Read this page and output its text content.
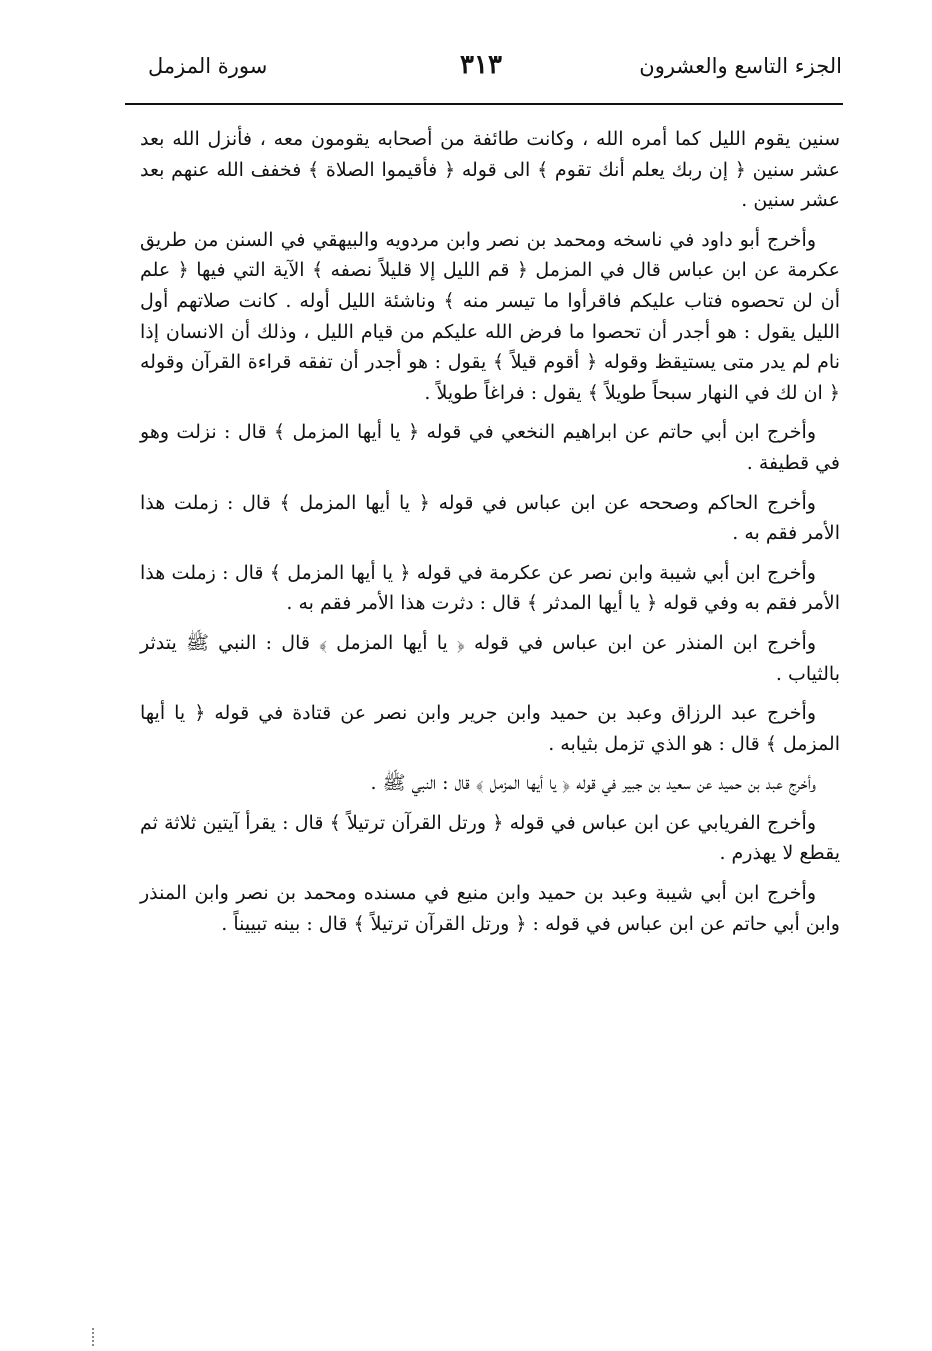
الجزء التاسع والعشرون
٣١٣
سورة المزمل

سنين يقوم الليل كما أمره الله ، وكانت طائفة من أصحابه يقومون معه ، فأنزل الله بعد عشر سنين ﴿ إن ربك يعلم أنك تقوم ﴾ الى قوله ﴿ فأقيموا الصلاة ﴾ فخفف الله عنهم بعد عشر سنين .

وأخرج أبو داود في ناسخه ومحمد بن نصر وابن مردويه والبيهقي في السنن من طريق عكرمة عن ابن عباس قال في المزمل ﴿ قم الليل إلا قليلاً نصفه ﴾ الآية التي فيها ﴿ علم أن لن تحصوه فتاب عليكم فاقرأوا ما تيسر منه ﴾ وناشئة الليل أوله . كانت صلاتهم أول الليل يقول : هو أجدر أن تحصوا ما فرض الله عليكم من قيام الليل ، وذلك أن الانسان إذا نام لم يدر متى يستيقظ وقوله ﴿ أقوم قيلاً ﴾ يقول : هو أجدر أن تفقه قراءة القرآن وقوله ﴿ ان لك في النهار سبحاً طويلاً ﴾ يقول : فراغاً طويلاً .

وأخرج ابن أبي حاتم عن ابراهيم النخعي في قوله ﴿ يا أيها المزمل ﴾ قال : نزلت وهو في قطيفة .

وأخرج الحاكم وصححه عن ابن عباس في قوله ﴿ يا أيها المزمل ﴾ قال : زملت هذا الأمر فقم به .

وأخرج ابن أبي شيبة وابن نصر عن عكرمة في قوله ﴿ يا أيها المزمل ﴾ قال : زملت هذا الأمر فقم به وفي قوله ﴿ يا أيها المدثر ﴾ قال : دثرت هذا الأمر فقم به .

وأخرج ابن المنذر عن ابن عباس في قوله ﴿ يا أيها المزمل ﴾ قال : النبي ﷺ يتدثر بالثياب .

وأخرج عبد الرزاق وعبد بن حميد وابن جرير وابن نصر عن قتادة في قوله ﴿ يا أيها المزمل ﴾ قال : هو الذي تزمل بثيابه .

وأخرج عبد بن حميد عن سعيد بن جبير في قوله ﴿ يا أيها المزمل ﴾ قال : النبي ﷺ .

وأخرج الفريابي عن ابن عباس في قوله ﴿ ورتل القرآن ترتيلاً ﴾ قال : يقرأ آيتين ثلاثة ثم يقطع لا يهذرم .

وأخرج ابن أبي شيبة وعبد بن حميد وابن منيع في مسنده ومحمد بن نصر وابن المنذر وابن أبي حاتم عن ابن عباس في قوله : ﴿ ورتل القرآن ترتيلاً ﴾ قال : بينه تبييناً .
